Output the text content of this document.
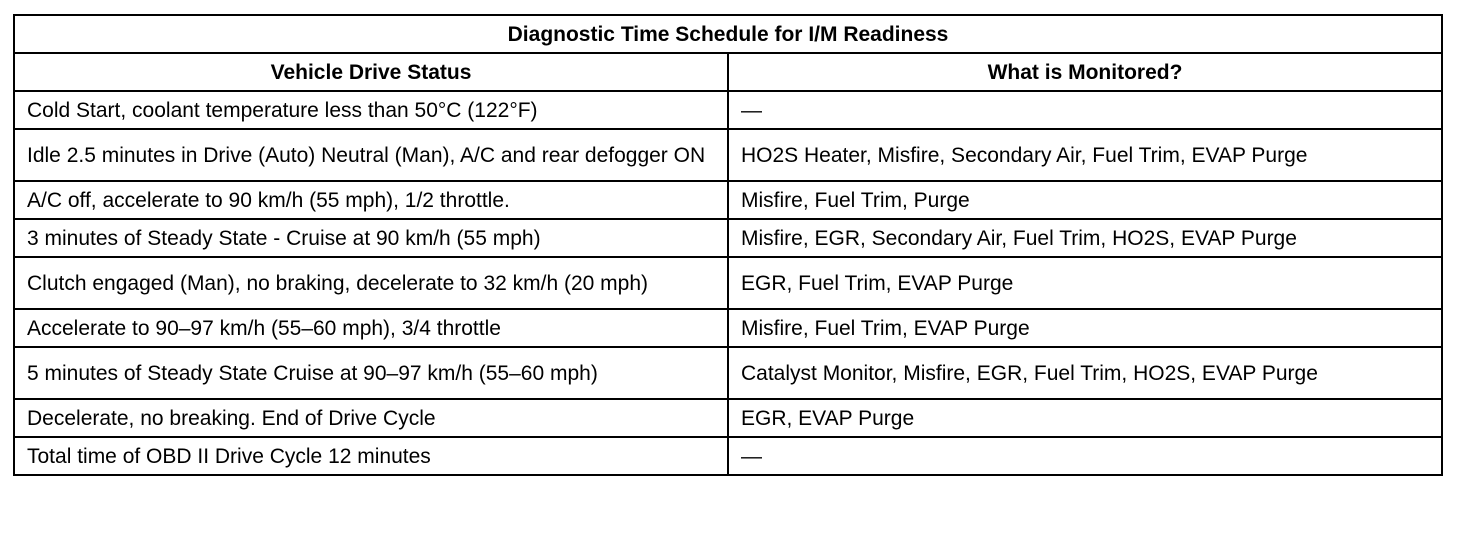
Diagnostic Time Schedule for I/M Readiness	
Vehicle Drive Status	What is Monitored?
Cold Start, coolant temperature less than 50°C (122°F)	—
Idle 2.5 minutes in Drive (Auto) Neutral (Man), A/C and rear defogger ON	HO2S Heater, Misfire, Secondary Air, Fuel Trim, EVAP Purge
A/C off, accelerate to 90 km/h (55 mph), 1/2 throttle.	Misfire, Fuel Trim, Purge
3 minutes of Steady State - Cruise at 90 km/h (55 mph)	Misfire, EGR, Secondary Air, Fuel Trim, HO2S, EVAP Purge
Clutch engaged (Man), no braking, decelerate to 32 km/h (20 mph)	EGR, Fuel Trim, EVAP Purge
Accelerate to 90–97 km/h (55–60 mph), 3/4 throttle	Misfire, Fuel Trim, EVAP Purge
5 minutes of Steady State Cruise at 90–97 km/h (55–60 mph)	Catalyst Monitor, Misfire, EGR, Fuel Trim, HO2S, EVAP Purge
Decelerate, no breaking. End of Drive Cycle	EGR, EVAP Purge
Total time of OBD II Drive Cycle 12 minutes	—
